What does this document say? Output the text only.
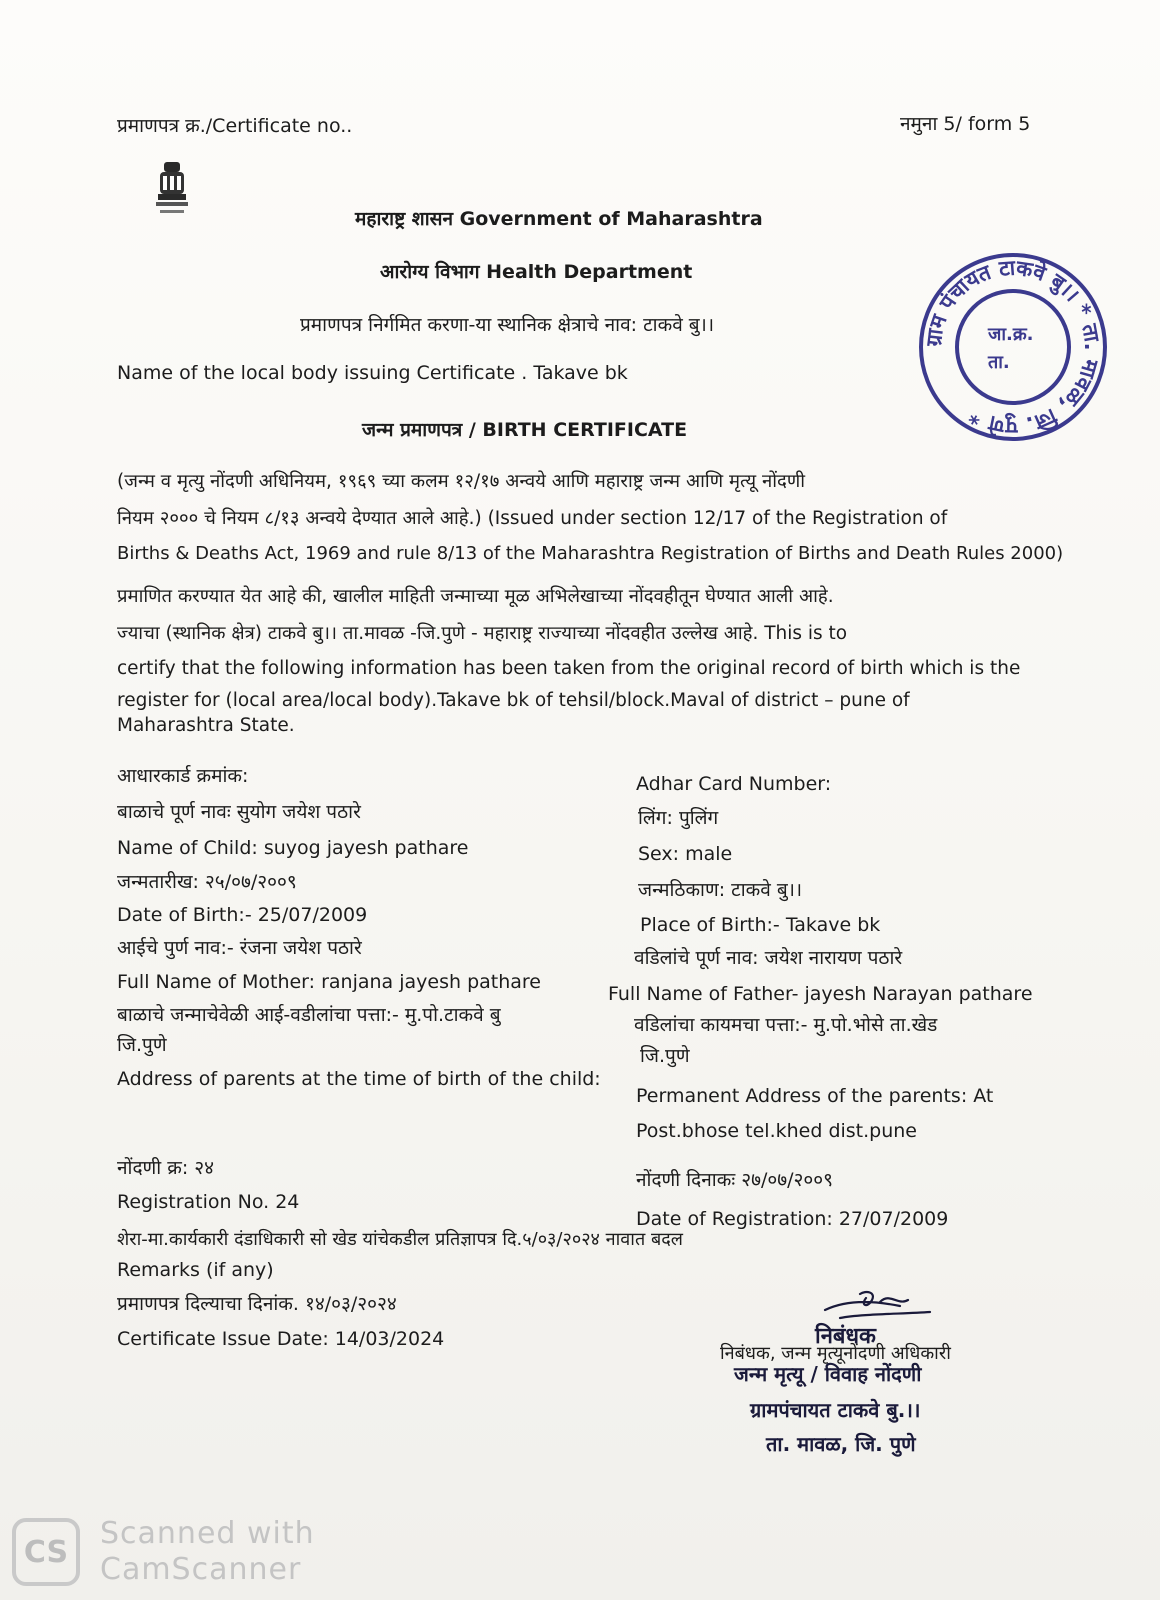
प्रमाणपत्र क्र./Certificate no..	नमुना 5/ form 5
महाराष्ट्र शासन Government of Maharashtra
आरोग्य विभाग Health Department
प्रमाणपत्र निर्गमित करणा-या स्थानिक क्षेत्राचे नाव: टाकवे बु।।
Name of the local body issuing Certificate . Takave bk
जन्म प्रमाणपत्र / BIRTH CERTIFICATE
ग्राम पंचायत टाकवे बु।। * ता. मावळ, जि. पुणे *
जा.क्र.
ता.
(जन्म व मृत्यु नोंदणी अधिनियम, १९६९ च्या कलम १२/१७ अन्वये आणि महाराष्ट्र जन्म आणि मृत्यू नोंदणी
नियम २००० चे नियम ८/१३ अन्वये देण्यात आले आहे.) (Issued under section 12/17 of the Registration of
Births & Deaths Act, 1969 and rule 8/13 of the Maharashtra Registration of Births and Death Rules 2000)
प्रमाणित करण्यात येत आहे की, खालील माहिती जन्माच्या मूळ अभिलेखाच्या नोंदवहीतून घेण्यात आली आहे.
ज्याचा (स्थानिक क्षेत्र) टाकवे बु।। ता.मावळ -जि.पुणे - महाराष्ट्र राज्याच्या नोंदवहीत उल्लेख आहे. This is to
certify that the following information has been taken from the original record of birth which is the
register for (local area/local body).Takave bk of tehsil/block.Maval of district – pune of
Maharashtra State.
आधारकार्ड क्रमांक:
बाळाचे पूर्ण नावः सुयोग जयेश पठारे
Name of Child: suyog jayesh pathare
जन्मतारीख: २५/०७/२००९
Date of Birth:- 25/07/2009
आईचे पुर्ण नाव:- रंजना जयेश पठारे
Full Name of Mother: ranjana jayesh pathare
बाळाचे जन्माचेवेळी आई-वडीलांचा पत्ता:- मु.पो.टाकवे बु
जि.पुणे
Address of parents at the time of birth of the child:
नोंदणी क्र: २४
Registration No. 24
शेरा-मा.कार्यकारी दंडाधिकारी सो खेड यांचेकडील प्रतिज्ञापत्र दि.५/०३/२०२४ नावात बदल
Remarks (if any)
प्रमाणपत्र दिल्याचा दिनांक. १४/०३/२०२४
Certificate Issue Date: 14/03/2024
Adhar Card Number:
लिंग: पुलिंग
Sex: male
जन्मठिकाण: टाकवे बु।।
Place of Birth:- Takave bk
वडिलांचे पूर्ण नाव: जयेश नारायण पठारे
Full Name of Father- jayesh Narayan pathare
वडिलांचा कायमचा पत्ता:- मु.पो.भोसे ता.खेड
जि.पुणे
Permanent Address of the parents: At
Post.bhose tel.khed dist.pune
नोंदणी दिनाकः २७/०७/२००९
Date of Registration: 27/07/2009
निबंधक, जन्म मृत्यूनोंदणी अधिकारी
निबंधक
जन्म मृत्यू / विवाह नोंदणी
ग्रामपंचायत टाकवे बु.।।
ता. मावळ, जि. पुणे
CS
Scanned with
CamScanner
